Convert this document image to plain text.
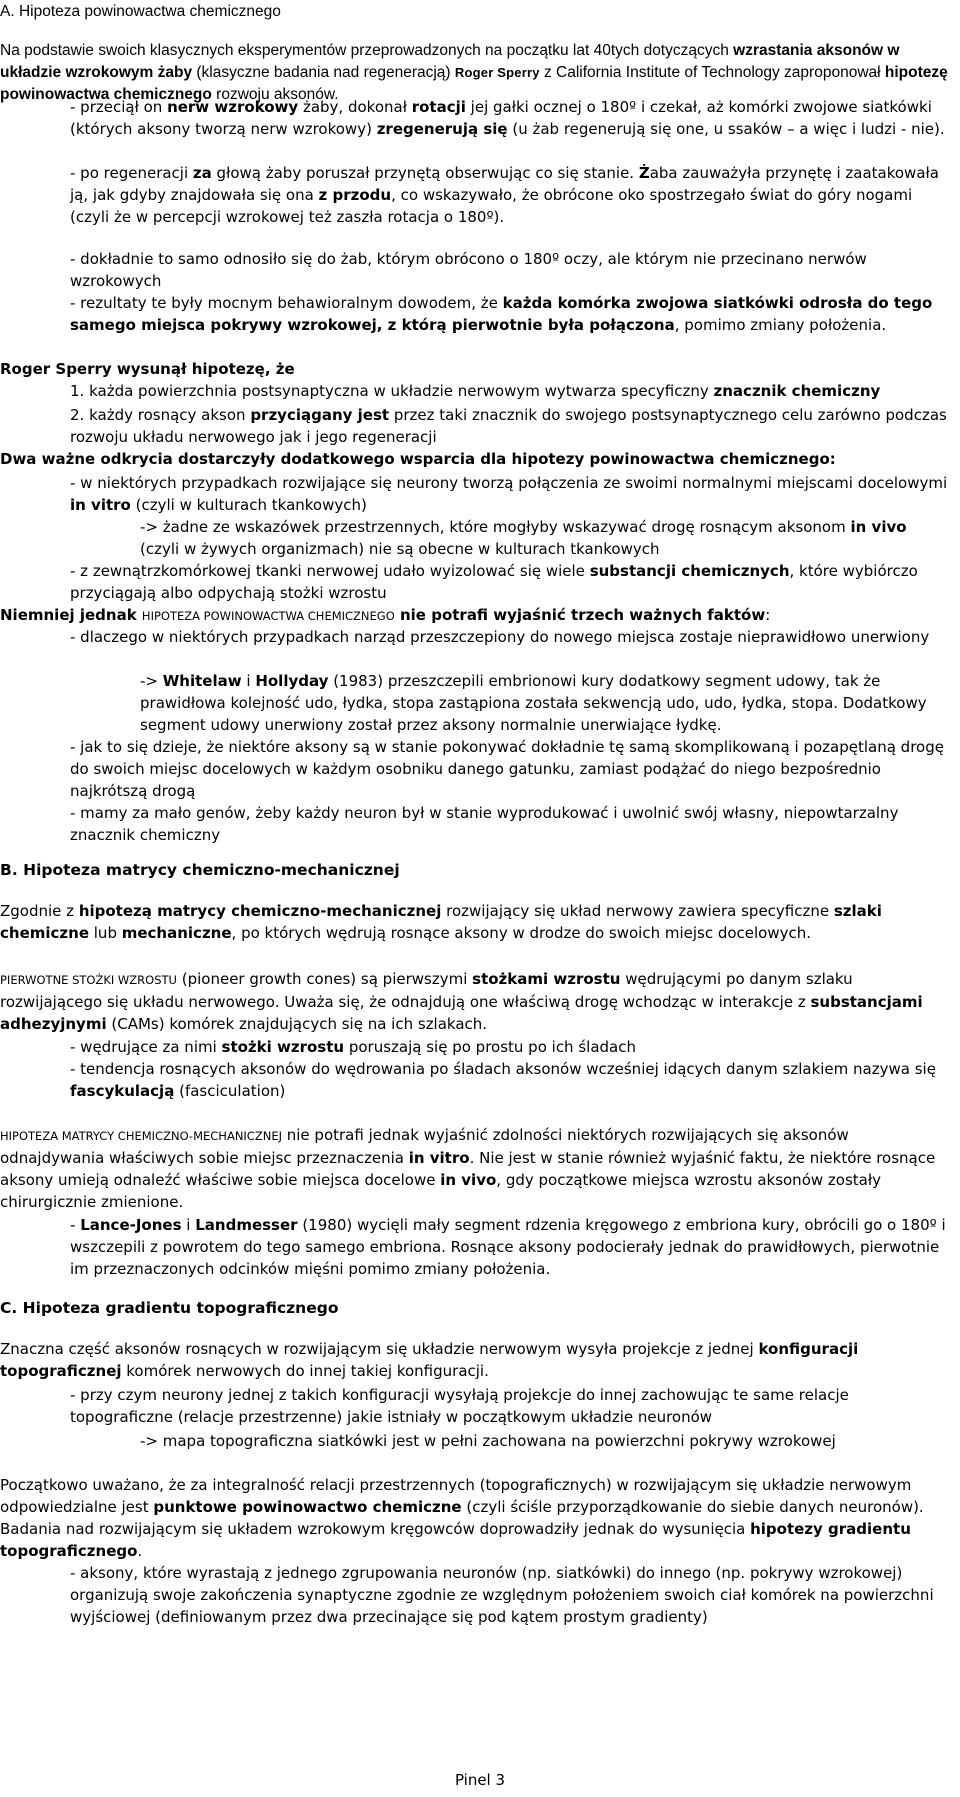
A. Hipoteza powinowactwa chemicznego
Na podstawie swoich klasycznych eksperymentów przeprowadzonych na początku lat 40tych dotyczących wzrastania aksonów w układzie wzrokowym żaby (klasyczne badania nad regeneracją) Roger Sperry z California Institute of Technology zaproponował hipotezę powinowactwa chemicznego rozwoju aksonów.
- przeciął on nerw wzrokowy żaby, dokonał rotacji jej gałki ocznej o 180º i czekał, aż komórki zwojowe siatkówki (których aksony tworzą nerw wzrokowy) zregenerują się (u żab regenerują się one, u ssaków – a więc i ludzi - nie).
- po regeneracji za głową żaby poruszał przynętą obserwując co się stanie. Żaba zauważyła przynętę i zaatakowała ją, jak gdyby znajdowała się ona z przodu, co wskazywało, że obrócone oko spostrzegało świat do góry nogami (czyli że w percepcji wzrokowej też zaszła rotacja o 180º).
- dokładnie to samo odnosiło się do żab, którym obrócono o 180º oczy, ale którym nie przecinano nerwów wzrokowych
- rezultaty te były mocnym behawioralnym dowodem, że każda komórka zwojowa siatkówki odrosła do tego samego miejsca pokrywy wzrokowej, z którą pierwotnie była połączona, pomimo zmiany położenia.
Roger Sperry wysunął hipotezę, że
1. każda powierzchnia postsynaptyczna w układzie nerwowym wytwarza specyficzny znacznik chemiczny
2. każdy rosnący akson przyciągany jest przez taki znacznik do swojego postsynaptycznego celu zarówno podczas rozwoju układu nerwowego jak i jego regeneracji
Dwa ważne odkrycia dostarczyły dodatkowego wsparcia dla hipotezy powinowactwa chemicznego:
- w niektórych przypadkach rozwijające się neurony tworzą połączenia ze swoimi normalnymi miejscami docelowymi in vitro (czyli w kulturach tkankowych)
-> żadne ze wskazówek przestrzennych, które mogłyby wskazywać drogę rosnącym aksonom in vivo (czyli w żywych organizmach) nie są obecne w kulturach tkankowych
- z zewnątrzkomórkowej tkanki nerwowej udało wyizolować się wiele substancji chemicznych, które wybiórczo przyciągają albo odpychają stożki wzrostu
Niemniej jednak HIPOTEZA POWINOWACTWA CHEMICZNEGO nie potrafi wyjaśnić trzech ważnych faktów:
- dlaczego w niektórych przypadkach narząd przeszczepiony do nowego miejsca zostaje nieprawidłowo unerwiony
-> Whitelaw i Hollyday (1983) przeszczepili embrionowi kury dodatkowy segment udowy, tak że prawidłowa kolejność udo, łydka, stopa zastąpiona została sekwencją udo, udo, łydka, stopa. Dodatkowy segment udowy unerwiony został przez aksony normalnie unerwiające łydkę.
- jak to się dzieje, że niektóre aksony są w stanie pokonywać dokładnie tę samą skomplikowaną i pozapętlaną drogę do swoich miejsc docelowych w każdym osobniku danego gatunku, zamiast podążać do niego bezpośrednio najkrótszą drogą
- mamy za mało genów, żeby każdy neuron był w stanie wyprodukować i uwolnić swój własny, niepowtarzalny znacznik chemiczny
B. Hipoteza matrycy chemiczno-mechanicznej
Zgodnie z hipotezą matrycy chemiczno-mechanicznej rozwijający się układ nerwowy zawiera specyficzne szlaki chemiczne lub mechaniczne, po których wędrują rosnące aksony w drodze do swoich miejsc docelowych.
PIERWOTNE STOŻKI WZROSTU (pioneer growth cones) są pierwszymi stożkami wzrostu wędrującymi po danym szlaku rozwijającego się układu nerwowego. Uważa się, że odnajdują one właściwą drogę wchodząc w interakcje z substancjami adhezyjnymi (CAMs) komórek znajdujących się na ich szlakach.
- wędrujące za nimi stożki wzrostu poruszają się po prostu po ich śladach
- tendencja rosnących aksonów do wędrowania po śladach aksonów wcześniej idących danym szlakiem nazywa się fascykulacją (fasciculation)
HIPOTEZA MATRYCY CHEMICZNO-MECHANICZNEJ nie potrafi jednak wyjaśnić zdolności niektórych rozwijających się aksonów odnajdywania właściwych sobie miejsc przeznaczenia in vitro. Nie jest w stanie również wyjaśnić faktu, że niektóre rosnące aksony umieją odnaleźć właściwe sobie miejsca docelowe in vivo, gdy początkowe miejsca wzrostu aksonów zostały chirurgicznie zmienione.
- Lance-Jones i Landmesser (1980) wycięli mały segment rdzenia kręgowego z embriona kury, obrócili go o 180º i wszczepili z powrotem do tego samego embriona. Rosnące aksony podocierały jednak do prawidłowych, pierwotnie im przeznaczonych odcinków mięśni pomimo zmiany położenia.
C. Hipoteza gradientu topograficznego
Znaczna część aksonów rosnących w rozwijającym się układzie nerwowym wysyła projekcje z jednej konfiguracji topograficznej komórek nerwowych do innej takiej konfiguracji.
- przy czym neurony jednej z takich konfiguracji wysyłają projekcje do innej zachowując te same relacje topograficzne (relacje przestrzenne) jakie istniały w początkowym układzie neuronów
-> mapa topograficzna siatkówki jest w pełni zachowana na powierzchni pokrywy wzrokowej
Początkowo uważano, że za integralność relacji przestrzennych (topograficznych) w rozwijającym się układzie nerwowym odpowiedzialne jest punktowe powinowactwo chemiczne (czyli ściśle przyporządkowanie do siebie danych neuronów). Badania nad rozwijającym się układem wzrokowym kręgowców doprowadziły jednak do wysunięcia hipotezy gradientu topograficznego.
- aksony, które wyrastają z jednego zgrupowania neuronów (np. siatkówki) do innego (np. pokrywy wzrokowej) organizują swoje zakończenia synaptyczne zgodnie ze względnym położeniem swoich ciał komórek na powierzchni wyjściowej (definiowanym przez dwa przecinające się pod kątem prostym gradienty)
Pinel 3
